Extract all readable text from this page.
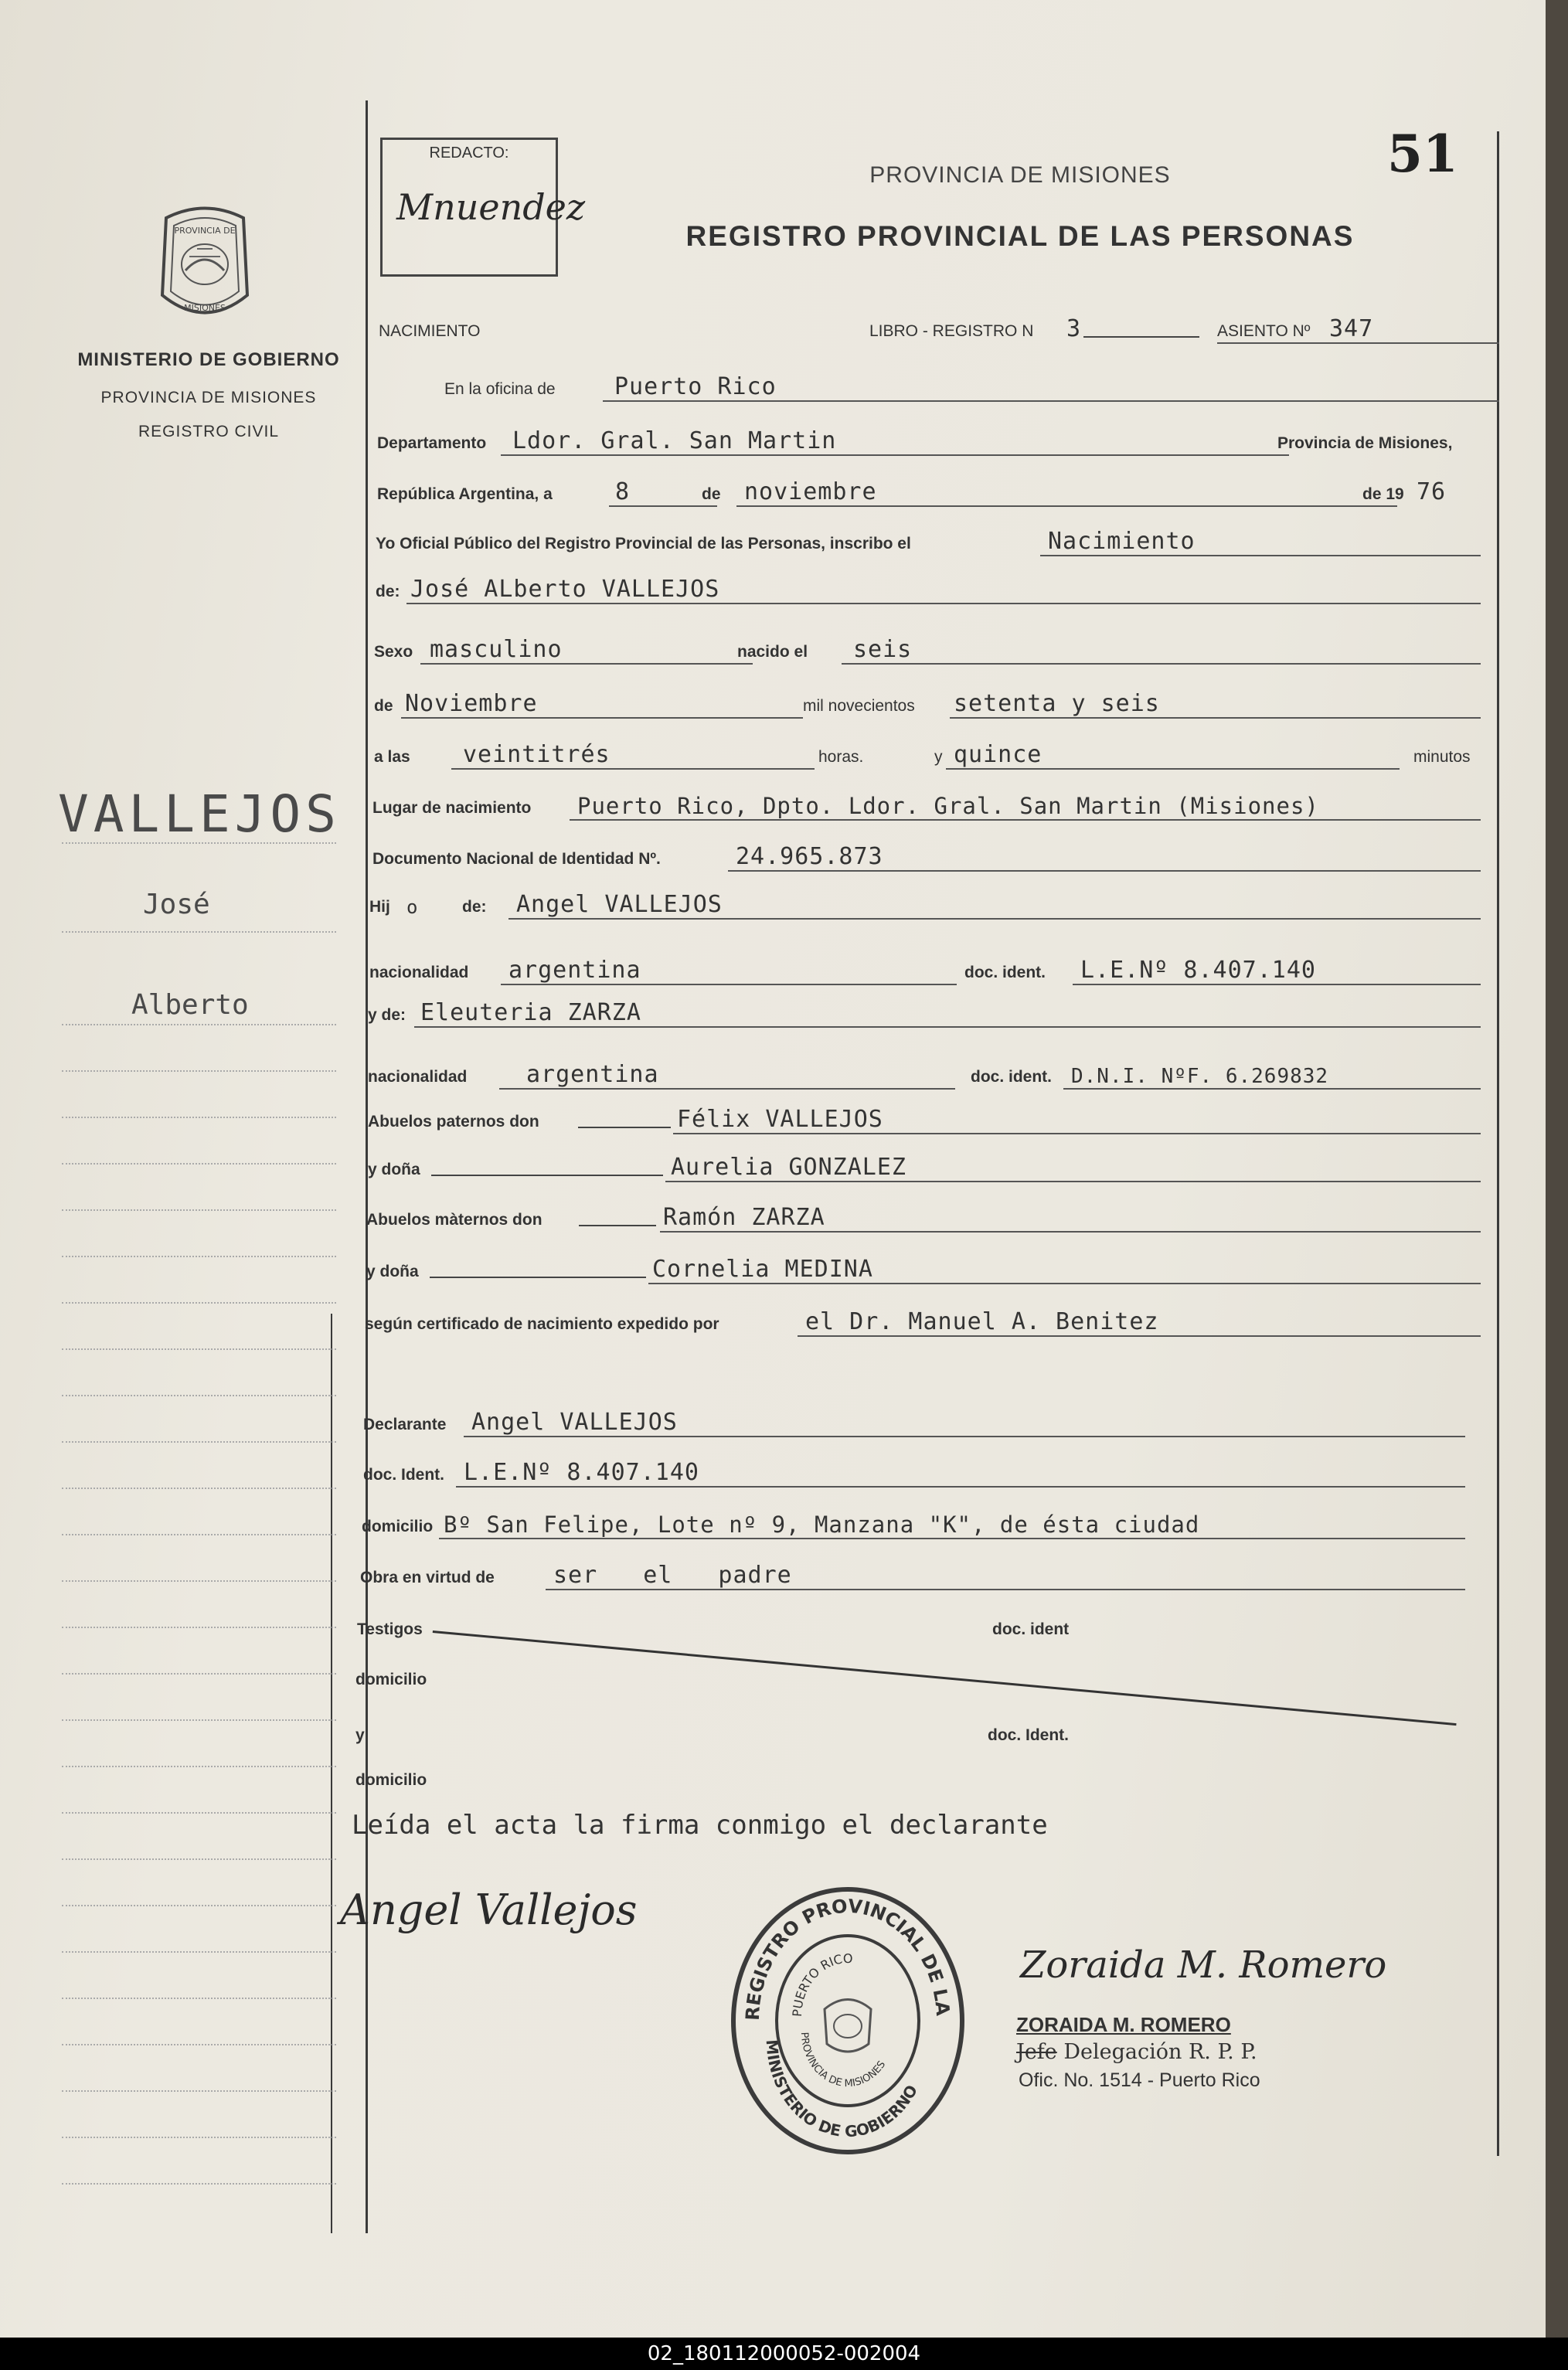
PROVINCIA DE
MISIONES
MINISTERIO DE GOBIERNO
PROVINCIA DE MISIONES
REGISTRO CIVIL
VALLEJOS
José
Alberto
REDACTO:
Mnuendez
51
PROVINCIA DE MISIONES
REGISTRO PROVINCIAL DE LAS PERSONAS
NACIMIENTO	LIBRO - REGISTRO N 3	ASIENTO Nº 347
En la oficina de	Puerto Rico
Departamento Ldor. Gral. San Martin	Provincia de Misiones,
República Argentina, a	8	de noviembre	de 19 76
Yo Oficial Público del Registro Provincial de las Personas, inscribo el	Nacimiento
de: José ALberto VALLEJOS
Sexo masculino	nacido el seis
de Noviembre	mil novecientos setenta y seis
a las veintitrés	horas.	y quince	minutos
Lugar de nacimiento Puerto Rico, Dpto. Ldor. Gral. San Martin (Misiones)
Documento Nacional de Identidad Nº.	24.965.873
Hij o	de: Angel VALLEJOS
nacionalidad argentina	doc. ident. L.E.Nº 8.407.140
y de: Eleuteria ZARZA
nacionalidad	argentina	doc. ident. D.N.I. NºF. 6.269832
Abuelos paternos don	Félix VALLEJOS
y doña	Aurelia GONZALEZ
Abuelos màternos don	Ramón ZARZA
y doña	Cornelia MEDINA
según certificado de nacimiento expedido por	el Dr. Manuel A. Benitez
Declarante Angel VALLEJOS
doc. Ident. L.E.Nº 8.407.140
domicilio Bº San Felipe, Lote nº 9, Manzana "K", de ésta ciudad
Obra en virtud de	ser el padre
Testigos	doc. ident
domicilio
y	doc. Ident.
domicilio
Leída el acta la firma conmigo el declarante
Angel Vallejos
REGISTRO PROVINCIAL DE LA
MINISTERIO DE GOBIERNO
PUERTO RICO
PROVINCIA DE MISIONES
Zoraida M. Romero
ZORAIDA M. ROMERO
Jefe Delegación R. P. P.
Ofic. No. 1514 - Puerto Rico
02_180112000052-002004
